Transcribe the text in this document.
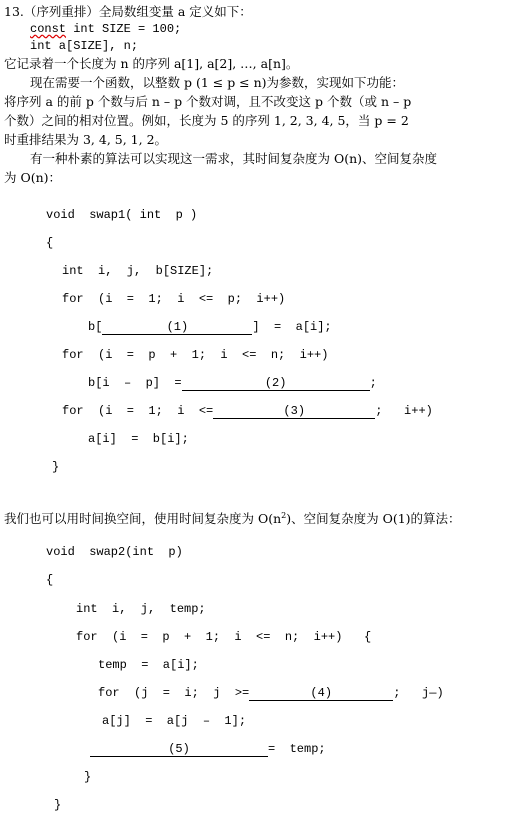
13.（序列重排）全局数组变量 a 定义如下：
const int SIZE = 100;
int a[SIZE], n;
它记录着一个长度为 n 的序列 a[1], a[2], …, a[n]。
现在需要一个函数，以整数 p (1 ≤ p ≤ n)为参数，实现如下功能：
将序列 a 的前 p 个数与后 n – p 个数对调，且不改变这 p 个数（或 n – p
个数）之间的相对位置。例如，长度为 5 的序列 1, 2, 3, 4, 5，当 p = 2
时重排结果为 3, 4, 5, 1, 2。
有一种朴素的算法可以实现这一需求，其时间复杂度为 O(n)、空间复杂度
为 O(n)：
void  swap1( int  p )
{
int  i,  j,  b[SIZE];
for  (i  =  1;  i  <=  p;  i++)
b[	(1)	]  =  a[i];
for  (i  =  p  +  1;  i  <=  n;  i++)
b[i  –  p]  =	(2)	;
for  (i  =  1;  i  <=	(3)	;   i++)
a[i]  =  b[i];
}
我们也可以用时间换空间，使用时间复杂度为 $O(n^2)$、空间复杂度为 O(1)的算法：
void  swap2(int  p)
{
int  i,  j,  temp;
for  (i  =  p  +  1;  i  <=  n;  i++)   {
temp  =  a[i];
for  (j  =  i;  j  >=	(4)	;   j—)
a[j]  =  a[j  –  1];
(5)	=  temp;
}
}
